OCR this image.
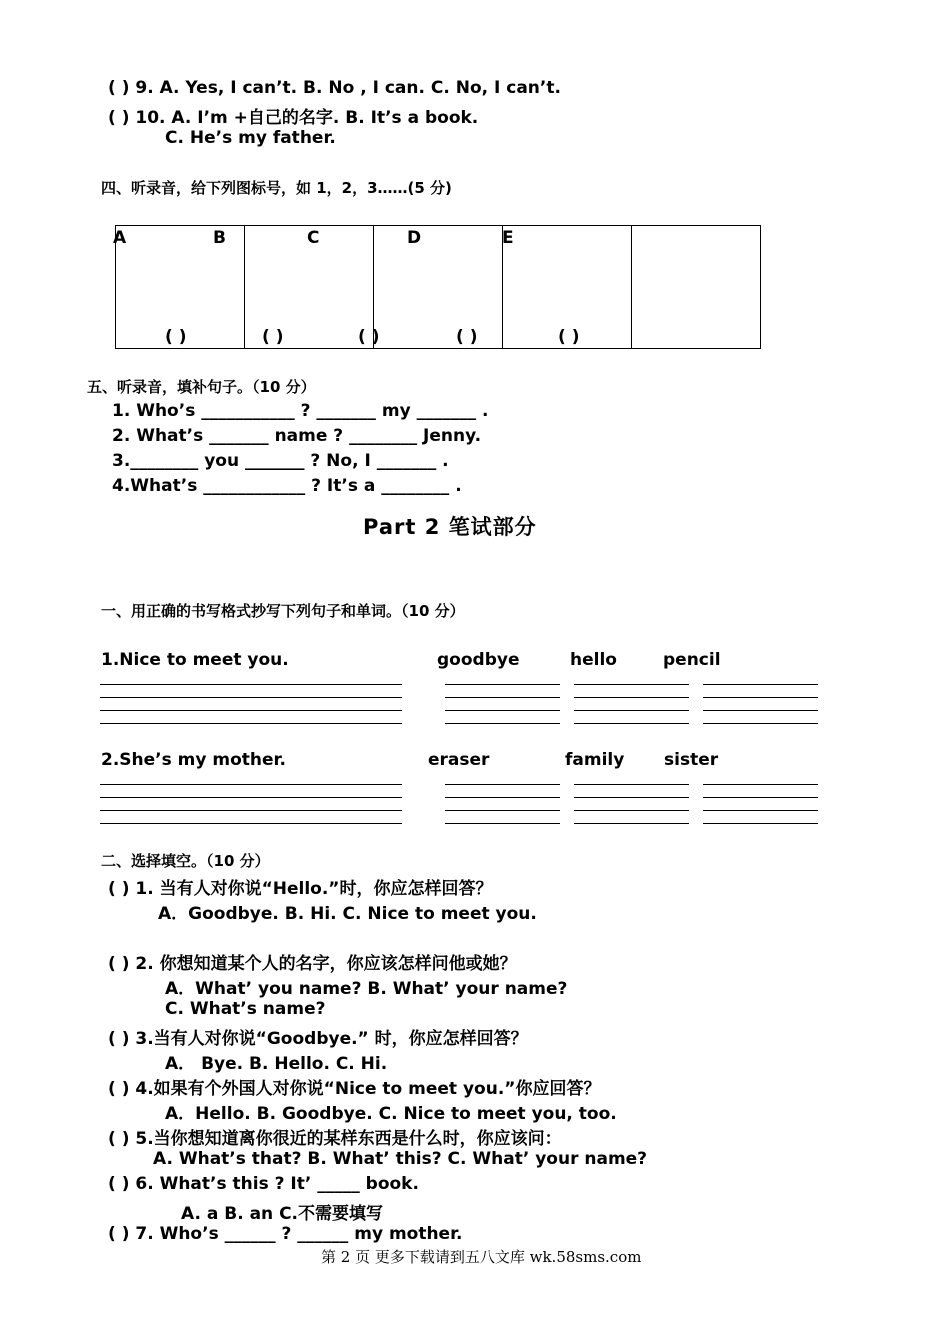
( ) 9. A. Yes, I can’t. B. No , I can. C. No, I can’t.
( ) 10. A. I’m +自己的名字. B. It’s a book.
C. He’s my father.
四、听录音，给下列图标号，如 1，2，3……(5 分)
A	B	C	D	E
( )	( )	( )	( )	( )
五、听录音，填补句子。（10 分）
1. Who’s ___________ ? _______ my _______ .
2. What’s _______ name ? ________ Jenny.
3.________ you _______ ? No, I _______ .
4.What’s ____________ ? It’s a ________ .
Part 2 笔试部分
一、用正确的书写格式抄写下列句子和单词。（10 分）
1.Nice to meet you.	goodbye	hello	pencil
2.She’s my mother.	eraser	family sister
二、选择填空。（10 分）
( ) 1. 当有人对你说“Hello.”时，你应怎样回答？
A．Goodbye. B. Hi. C. Nice to meet you.
( ) 2. 你想知道某个人的名字，你应该怎样问他或她？
A．What’ you name? B. What’ your name?
C. What’s name?
( ) 3.当有人对你说“Goodbye.” 时，你应怎样回答？
A． Bye. B. Hello. C. Hi.
( ) 4.如果有个外国人对你说“Nice to meet you.”你应回答？
A．Hello. B. Goodbye. C. Nice to meet you, too.
( ) 5.当你想知道离你很近的某样东西是什么时，你应该问：
A. What’s that? B. What’ this? C. What’ your name?
( ) 6. What’s this ? It’ _____ book.
A. a B. an C.不需要填写
( ) 7. Who’s ______ ? ______ my mother.
第 2 页 更多下载请到五八文库 wk.58sms.com
